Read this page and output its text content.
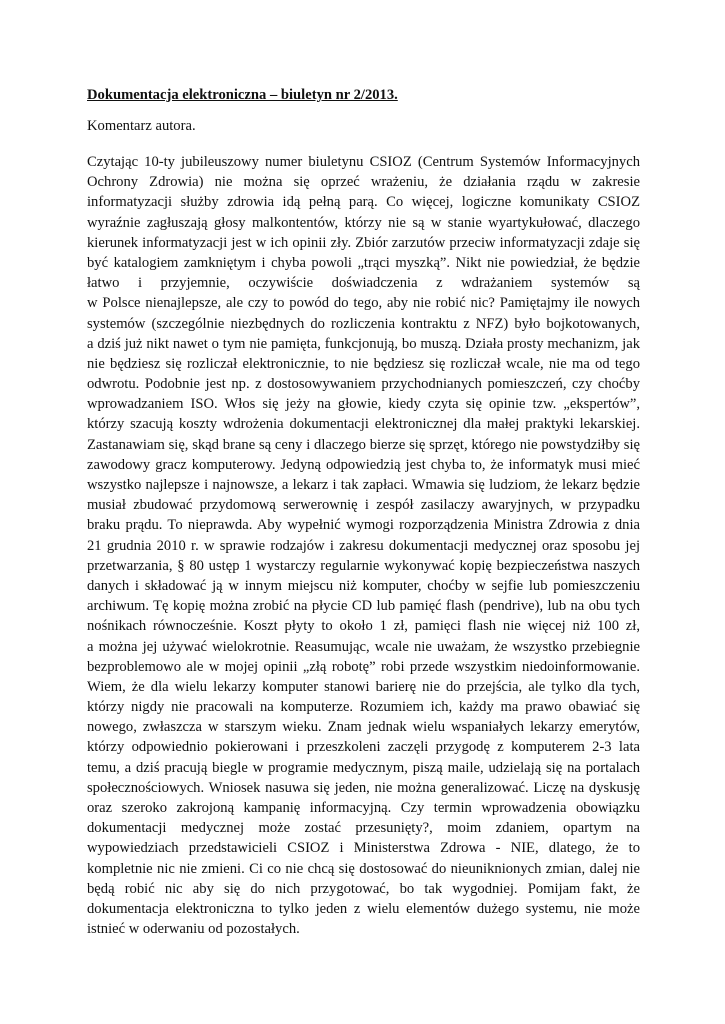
Dokumentacja elektroniczna – biuletyn nr 2/2013.

Komentarz autora.

Czytając 10-ty jubileuszowy numer biuletynu CSIOZ (Centrum Systemów Informacyjnych
Ochrony Zdrowia) nie można się oprzeć wrażeniu, że działania rządu w zakresie
informatyzacji służby zdrowia idą pełną parą. Co więcej, logiczne komunikaty CSIOZ
wyraźnie zagłuszają głosy malkontentów, którzy nie są w stanie wyartykułować, dlaczego
kierunek informatyzacji jest w ich opinii zły. Zbiór zarzutów przeciw informatyzacji zdaje się
być katalogiem zamkniętym i chyba powoli „trąci myszką”. Nikt nie powiedział, że będzie
łatwo i przyjemnie, oczywiście doświadczenia z wdrażaniem systemów są
w Polsce nienajlepsze, ale czy to powód do tego, aby nie robić nic? Pamiętajmy ile nowych
systemów (szczególnie niezbędnych do rozliczenia kontraktu z NFZ) było bojkotowanych,
a dziś już nikt nawet o tym nie pamięta, funkcjonują, bo muszą. Działa prosty mechanizm, jak
nie będziesz się rozliczał elektronicznie, to nie będziesz się rozliczał wcale, nie ma od tego
odwrotu. Podobnie jest np. z dostosowywaniem przychodnianych pomieszczeń, czy choćby
wprowadzaniem ISO. Włos się jeży na głowie, kiedy czyta się opinie tzw. „ekspertów”,
którzy szacują koszty wdrożenia dokumentacji elektronicznej dla małej praktyki lekarskiej.
Zastanawiam się, skąd brane są ceny i dlaczego bierze się sprzęt, którego nie powstydziłby się
zawodowy gracz komputerowy. Jedyną odpowiedzią jest chyba to, że informatyk musi mieć
wszystko najlepsze i najnowsze, a lekarz i tak zapłaci. Wmawia się ludziom, że lekarz będzie
musiał zbudować przydomową serwerownię i zespół zasilaczy awaryjnych, w przypadku
braku prądu. To nieprawda. Aby wypełnić wymogi rozporządzenia Ministra Zdrowia z dnia
21 grudnia 2010 r. w sprawie rodzajów i zakresu dokumentacji medycznej oraz sposobu jej
przetwarzania, § 80 ustęp 1 wystarczy regularnie wykonywać kopię bezpieczeństwa naszych
danych i składować ją w innym miejscu niż komputer, choćby w sejfie lub pomieszczeniu
archiwum. Tę kopię można zrobić na płycie CD lub pamięć flash (pendrive), lub na obu tych
nośnikach równocześnie. Koszt płyty to około 1 zł, pamięci flash nie więcej niż 100 zł,
a można jej używać wielokrotnie. Reasumując, wcale nie uważam, że wszystko przebiegnie
bezproblemowo ale w mojej opinii „złą robotę” robi przede wszystkim niedoinformowanie.
Wiem, że dla wielu lekarzy komputer stanowi barierę nie do przejścia, ale tylko dla tych,
którzy nigdy nie pracowali na komputerze. Rozumiem ich, każdy ma prawo obawiać się
nowego, zwłaszcza w starszym wieku. Znam jednak wielu wspaniałych lekarzy emerytów,
którzy odpowiednio pokierowani i przeszkoleni zaczęli przygodę z komputerem 2-3 lata
temu, a dziś pracują biegle w programie medycznym, piszą maile, udzielają się na portalach
społecznościowych. Wniosek nasuwa się jeden, nie można generalizować. Liczę na dyskusję
oraz szeroko zakrojoną kampanię informacyjną. Czy termin wprowadzenia obowiązku
dokumentacji medycznej może zostać przesunięty?, moim zdaniem, opartym na
wypowiedziach przedstawicieli CSIOZ i Ministerstwa Zdrowa - NIE, dlatego, że to
kompletnie nic nie zmieni. Ci co nie chcą się dostosować do nieuniknionych zmian, dalej nie
będą robić nic aby się do nich przygotować, bo tak wygodniej. Pomijam fakt, że
dokumentacja elektroniczna to tylko jeden z wielu elementów dużego systemu, nie może
istnieć w oderwaniu od pozostałych.
